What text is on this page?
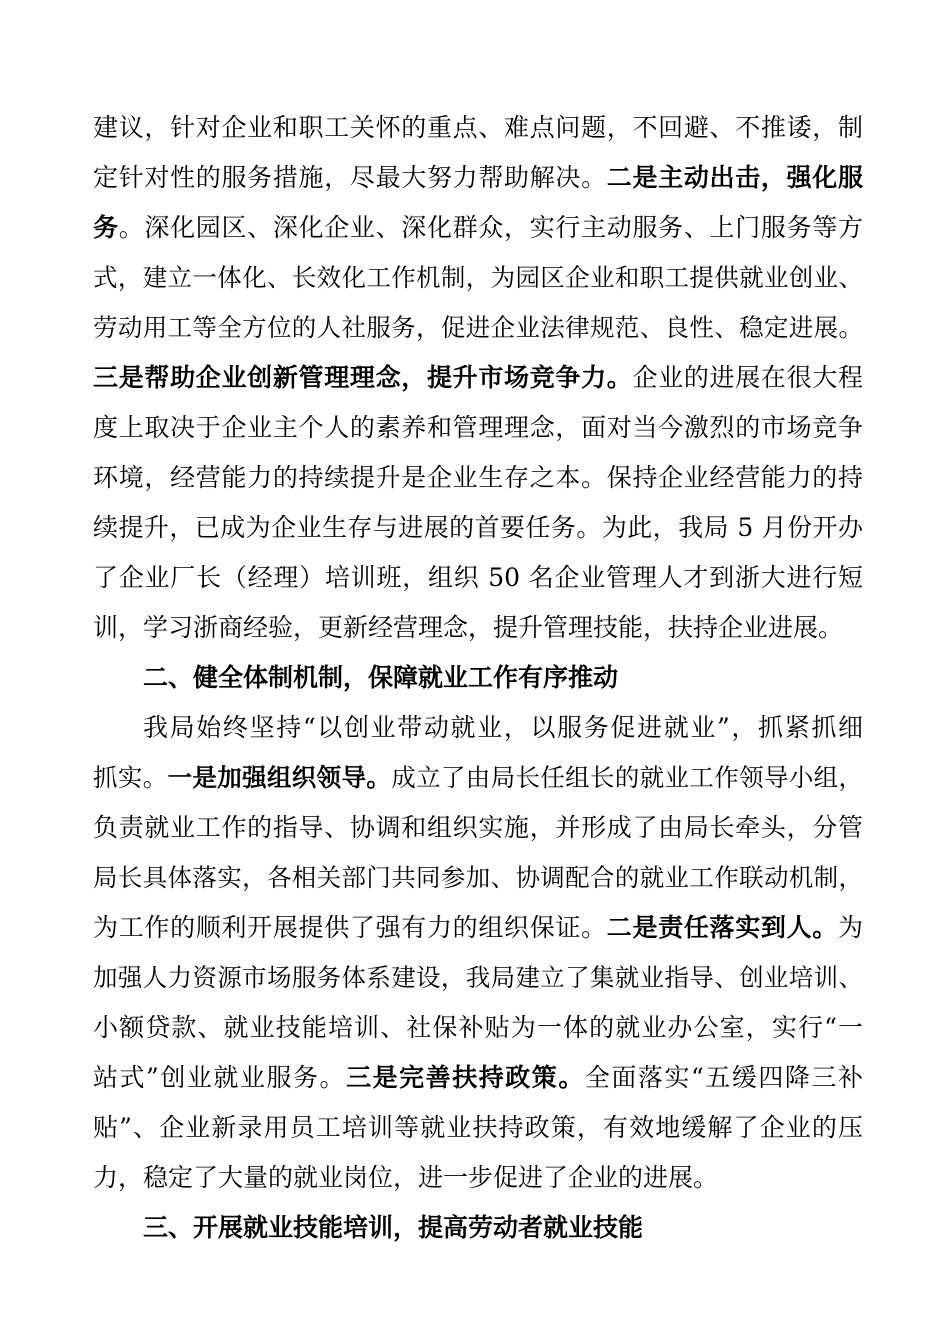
建议，针对企业和职工关怀的重点、难点问题，不回避、不推诿，制
定针对性的服务措施，尽最大努力帮助解决。二是主动出击，强化服
务。深化园区、深化企业、深化群众，实行主动服务、上门服务等方
式，建立一体化、长效化工作机制，为园区企业和职工提供就业创业、
劳动用工等全方位的人社服务，促进企业法律规范、良性、稳定进展。
三是帮助企业创新管理理念，提升市场竞争力。企业的进展在很大程
度上取决于企业主个人的素养和管理理念，面对当今激烈的市场竞争
环境，经营能力的持续提升是企业生存之本。保持企业经营能力的持
续提升，已成为企业生存与进展的首要任务。为此，我局 5 月份开办
了企业厂长（经理）培训班，组织 50 名企业管理人才到浙大进行短
训，学习浙商经验，更新经营理念，提升管理技能，扶持企业进展。
二、健全体制机制，保障就业工作有序推动
我局始终坚持“以创业带动就业，以服务促进就业”，抓紧抓细
抓实。一是加强组织领导。成立了由局长任组长的就业工作领导小组，
负责就业工作的指导、协调和组织实施，并形成了由局长牵头，分管
局长具体落实，各相关部门共同参加、协调配合的就业工作联动机制，
为工作的顺利开展提供了强有力的组织保证。二是责任落实到人。为
加强人力资源市场服务体系建设，我局建立了集就业指导、创业培训、
小额贷款、就业技能培训、社保补贴为一体的就业办公室，实行“一
站式”创业就业服务。三是完善扶持政策。全面落实“五缓四降三补
贴”、企业新录用员工培训等就业扶持政策，有效地缓解了企业的压
力，稳定了大量的就业岗位，进一步促进了企业的进展。
三、开展就业技能培训，提高劳动者就业技能
